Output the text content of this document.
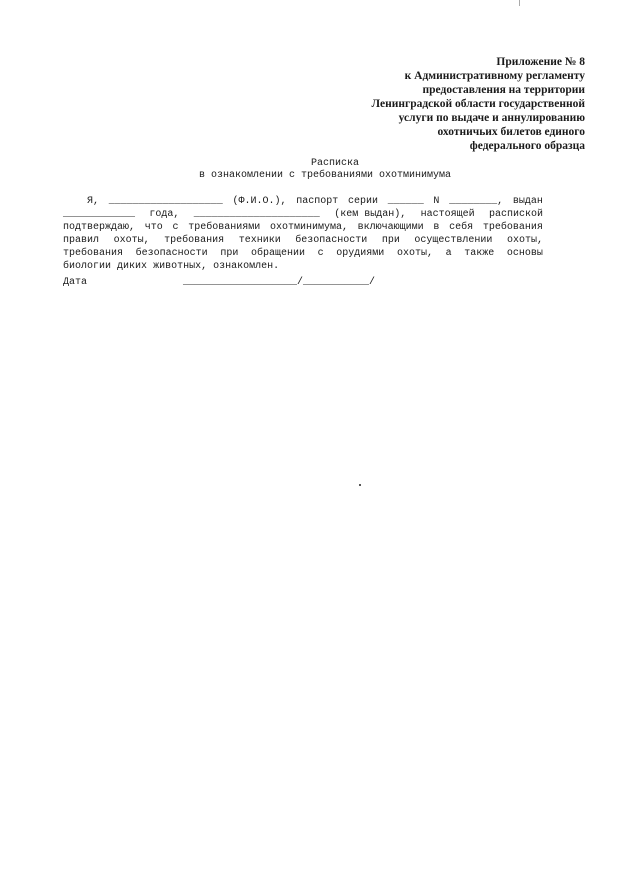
Приложение № 8
к Административному регламенту
предоставления на территории
Ленинградской области государственной
услуги по выдаче и аннулированию
охотничьих билетов единого
федерального образца
Расписка
в ознакомлении с требованиями охотминимума
Я, ___________________ (Ф.И.О.), паспорт серии ______ N ________, выдан
____________ года, _____________________ (кем выдан), настоящей распиской
подтверждаю, что с требованиями охотминимума, включающими в себя требования
правил охоты, требования техники безопасности при осуществлении охоты,
требования безопасности при обращении с орудиями охоты, а также основы
биологии
диких
животных,
ознакомлен.

Дата

	___________________/___________/
